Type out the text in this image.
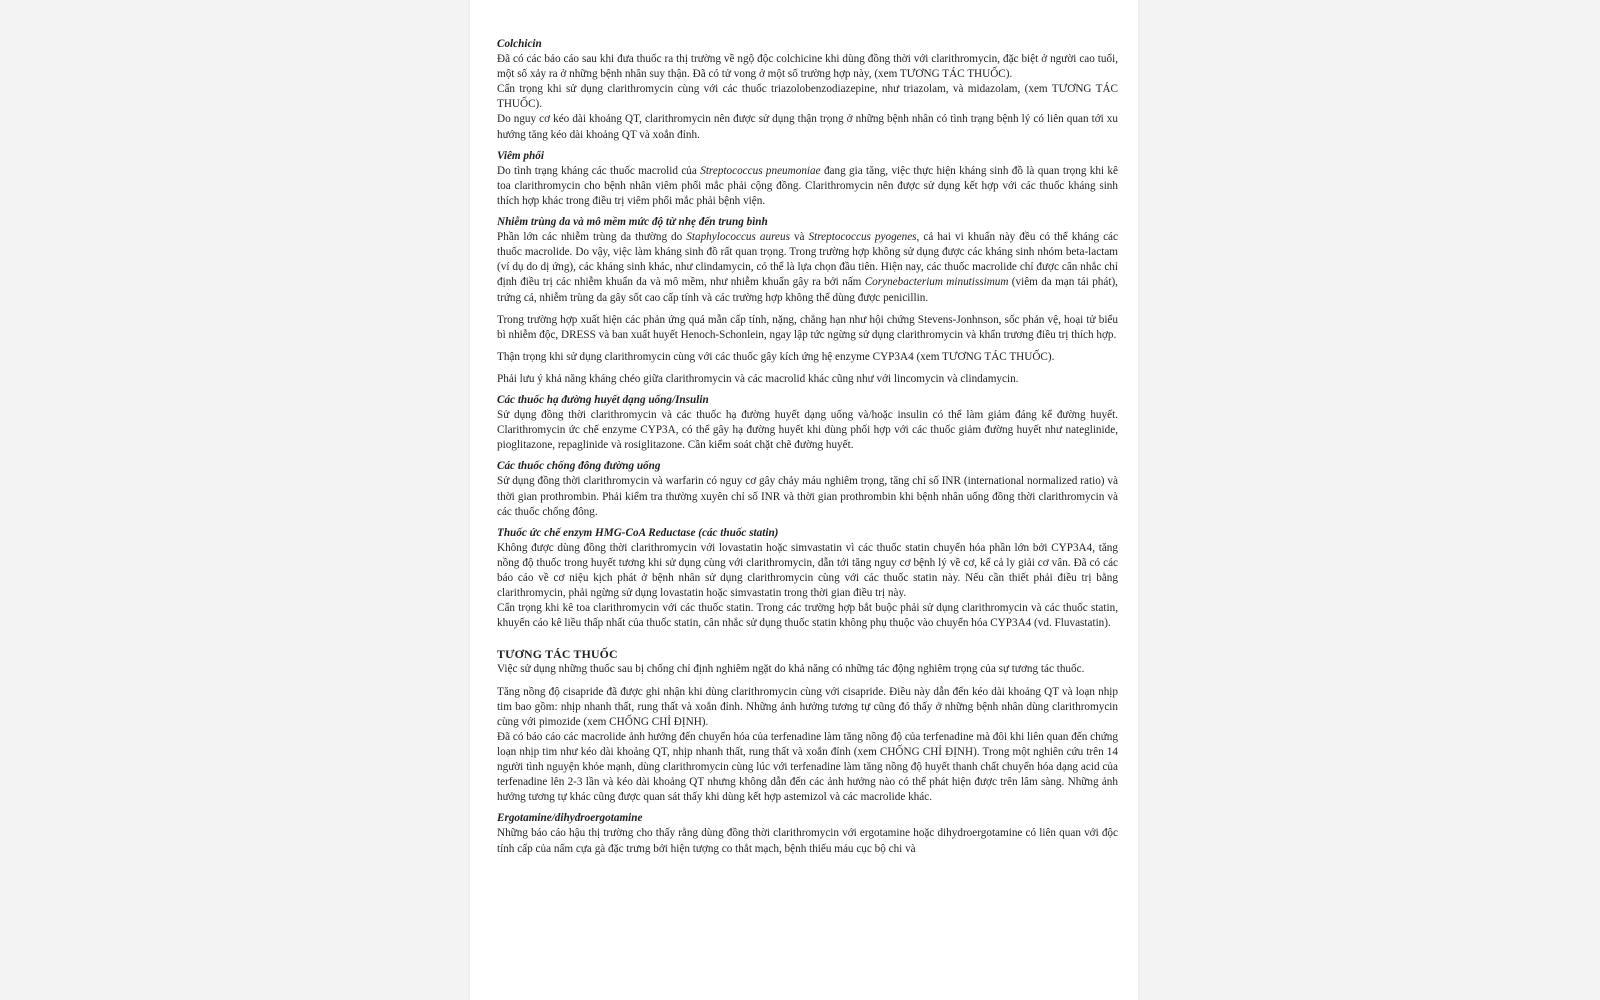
Colchicin

Đã có các báo cáo sau khi đưa thuốc ra thị trường về ngộ độc colchicine khi dùng đồng thời với clarithromycin, đặc biệt ở người cao tuổi, một số xảy ra ở những bệnh nhân suy thận. Đã có tử vong ở một số trường hợp này, (xem TƯƠNG TÁC THUỐC).

Cẩn trọng khi sử dụng clarithromycin cùng với các thuốc triazolobenzodiazepine, như triazolam, và midazolam, (xem TƯƠNG TÁC THUỐC).

Do nguy cơ kéo dài khoảng QT, clarithromycin nên được sử dụng thận trọng ở những bệnh nhân có tình trạng bệnh lý có liên quan tới xu hướng tăng kéo dài khoảng QT và xoắn đỉnh.

Viêm phổi

Do tình trạng kháng các thuốc macrolid của Streptococcus pneumoniae đang gia tăng, việc thực hiện kháng sinh đồ là quan trọng khi kê toa clarithromycin cho bệnh nhân viêm phổi mắc phải cộng đồng. Clarithromycin nên được sử dụng kết hợp với các thuốc kháng sinh thích hợp khác trong điều trị viêm phổi mắc phải bệnh viện.

Nhiễm trùng da và mô mềm mức độ từ nhẹ đến trung bình

Phần lớn các nhiễm trùng da thường do Staphylococcus aureus và Streptococcus pyogenes, cả hai vi khuẩn này đều có thể kháng các thuốc macrolide. Do vậy, việc làm kháng sinh đồ rất quan trọng. Trong trường hợp không sử dụng được các kháng sinh nhóm beta-lactam (ví dụ do dị ứng), các kháng sinh khác, như clindamycin, có thể là lựa chọn đầu tiên. Hiện nay, các thuốc macrolide chỉ được cân nhắc chỉ định điều trị các nhiễm khuẩn da và mô mềm, như nhiễm khuẩn gây ra bởi nấm Corynebacterium minutissimum (viêm da mạn tái phát), trứng cá, nhiễm trùng da gây sốt cao cấp tính và các trường hợp không thể dùng được penicillin.

Trong trường hợp xuất hiện các phản ứng quá mẫn cấp tính, nặng, chẳng hạn như hội chứng Stevens-Jonhnson, sốc phản vệ, hoại tử biểu bì nhiễm độc, DRESS và ban xuất huyết Henoch-Schonlein, ngay lập tức ngừng sử dụng clarithromycin và khẩn trương điều trị thích hợp.

Thận trọng khi sử dụng clarithromycin cùng với các thuốc gây kích ứng hệ enzyme CYP3A4 (xem TƯƠNG TÁC THUỐC).

Phải lưu ý khả năng kháng chéo giữa clarithromycin và các macrolid khác cũng như với lincomycin và clindamycin.

Các thuốc hạ đường huyết dạng uống/Insulin

Sử dụng đồng thời clarithromycin và các thuốc hạ đường huyết dạng uống và/hoặc insulin có thể làm giảm đáng kể đường huyết. Clarithromycin ức chế enzyme CYP3A, có thể gây hạ đường huyết khi dùng phối hợp với các thuốc giảm đường huyết như nateglinide, pioglitazone, repaglinide và rosiglitazone. Cần kiểm soát chặt chẽ đường huyết.

Các thuốc chống đông đường uống

Sử dụng đồng thời clarithromycin và warfarin có nguy cơ gây chảy máu nghiêm trọng, tăng chỉ số INR (international normalized ratio) và thời gian prothrombin. Phải kiểm tra thường xuyên chỉ số INR và thời gian prothrombin khi bệnh nhân uống đồng thời clarithromycin và các thuốc chống đông.

Thuốc ức chế enzym HMG-CoA Reductase (các thuốc statin)

Không được dùng đồng thời clarithromycin với lovastatin hoặc simvastatin vì các thuốc statin chuyển hóa phần lớn bởi CYP3A4, tăng nồng độ thuốc trong huyết tương khi sử dụng cùng với clarithromycin, dẫn tới tăng nguy cơ bệnh lý về cơ, kể cả ly giải cơ vân. Đã có các báo cáo về cơ niệu kịch phát ở bệnh nhân sử dụng clarithromycin cùng với các thuốc statin này. Nếu cần thiết phải điều trị bằng clarithromycin, phải ngừng sử dụng lovastatin hoặc simvastatin trong thời gian điều trị này.

Cẩn trọng khi kê toa clarithromycin với các thuốc statin. Trong các trường hợp bắt buộc phải sử dụng clarithromycin và các thuốc statin, khuyến cáo kê liều thấp nhất của thuốc statin, cân nhắc sử dụng thuốc statin không phụ thuộc vào chuyển hóa CYP3A4 (vd. Fluvastatin).

TƯƠNG TÁC THUỐC

Việc sử dụng những thuốc sau bị chống chỉ định nghiêm ngặt do khả năng có những tác động nghiêm trọng của sự tương tác thuốc.

Tăng nồng độ cisapride đã được ghi nhận khi dùng clarithromycin cùng với cisapride. Điều này dẫn đến kéo dài khoảng QT và loạn nhịp tim bao gồm: nhịp nhanh thất, rung thất và xoắn đỉnh. Những ảnh hưởng tương tự cũng đó thấy ở những bệnh nhân dùng clarithromycin cùng với pimozide (xem CHỐNG CHỈ ĐỊNH).

Đã có báo cáo các macrolide ảnh hưởng đến chuyển hóa của terfenadine làm tăng nồng độ của terfenadine mà đôi khi liên quan đến chứng loạn nhịp tim như kéo dài khoảng QT, nhịp nhanh thất, rung thất và xoắn đỉnh (xem CHỐNG CHỈ ĐỊNH). Trong một nghiên cứu trên 14 người tình nguyện khỏe mạnh, dùng clarithromycin cùng lúc với terfenadine làm tăng nồng độ huyết thanh chất chuyển hóa dạng acid của terfenadine lên 2-3 lần và kéo dài khoảng QT nhưng không dẫn đến các ảnh hưởng nào có thể phát hiện được trên lâm sàng. Những ảnh hưởng tương tự khác cũng được quan sát thấy khi dùng kết hợp astemizol và các macrolide khác.

Ergotamine/dihydroergotamine

Những báo cáo hậu thị trường cho thấy rằng dùng đồng thời clarithromycin với ergotamine hoặc dihydroergotamine có liên quan với độc tính cấp của nấm cựa gà đặc trưng bởi hiện tượng co thắt mạch, bệnh thiếu máu cục bộ chi và
